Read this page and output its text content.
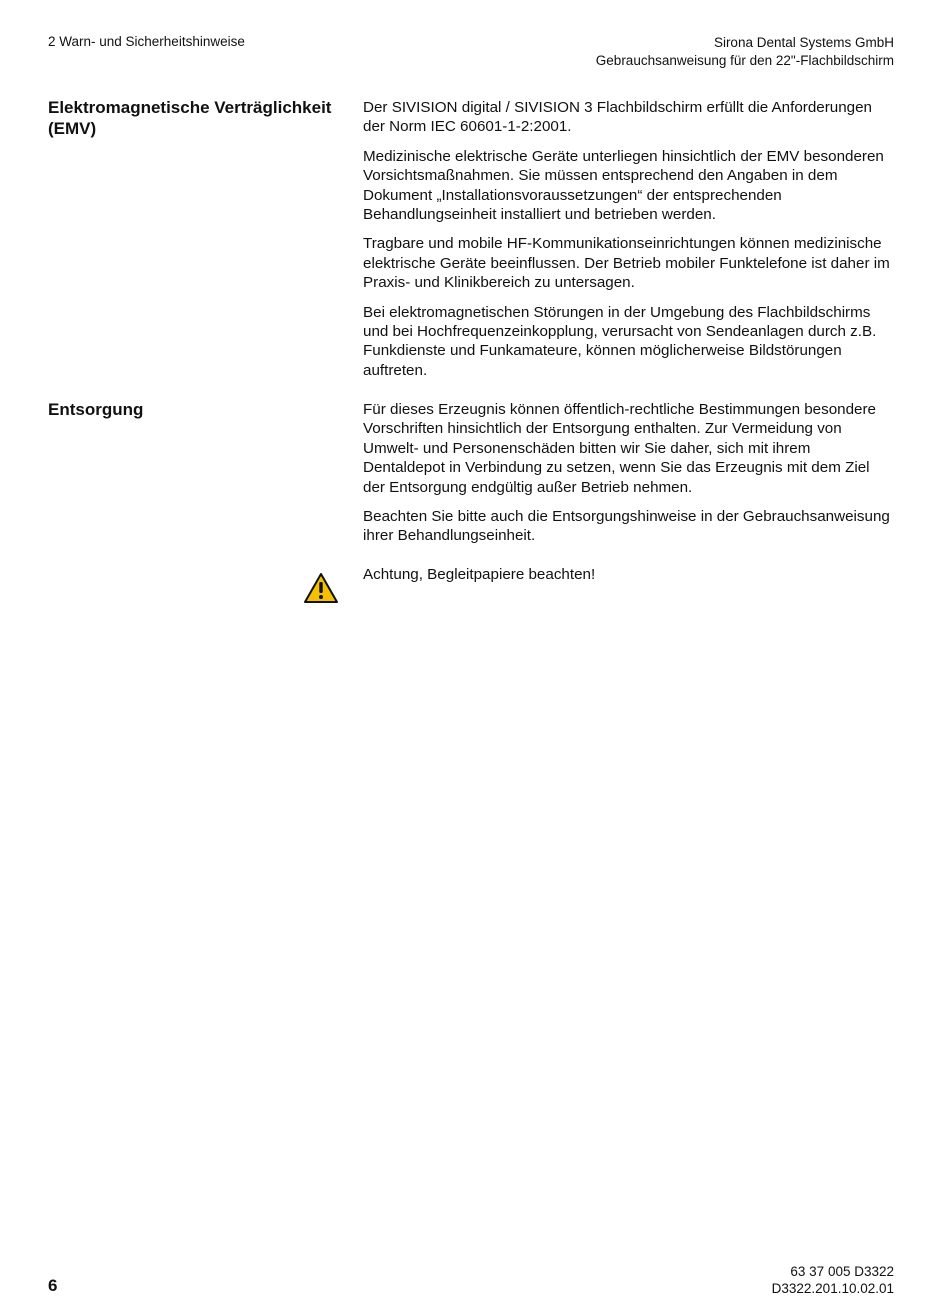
2 Warn- und Sicherheitshinweise	Sirona Dental Systems GmbH
Gebrauchsanweisung für den 22"-Flachbildschirm
Elektromagnetische Verträglichkeit (EMV)

Der SIVISION digital / SIVISION 3 Flachbildschirm erfüllt die Anforderungen der Norm IEC 60601-1-2:2001.

Medizinische elektrische Geräte unterliegen hinsichtlich der EMV besonderen Vorsichtsmaßnahmen. Sie müssen entsprechend den Angaben in dem Dokument „Installationsvoraussetzungen“ der entsprechenden Behandlungseinheit installiert und betrieben werden.

Tragbare und mobile HF-Kommunikationseinrichtungen können medizinische elektrische Geräte beeinflussen. Der Betrieb mobiler Funktelefone ist daher im Praxis- und Klinikbereich zu untersagen.

Bei elektromagnetischen Störungen in der Umgebung des Flachbildschirms und bei Hochfrequenzeinkopplung, verursacht von Sendeanlagen durch z.B. Funkdienste und Funkamateure, können möglicherweise Bildstörungen auftreten.

Entsorgung	Für dieses Erzeugnis können öffentlich-rechtliche Bestimmungen besondere Vorschriften hinsichtlich der Entsorgung enthalten. Zur Vermeidung von Umwelt- und Personenschäden bitten wir Sie daher, sich mit ihrem Dentaldepot in Verbindung zu setzen, wenn Sie das Erzeugnis mit dem Ziel der Entsorgung endgültig außer Betrieb nehmen.

Beachten Sie bitte auch die Entsorgungshinweise in der Gebrauchsanweisung ihrer Behandlungseinheit.

Achtung, Begleitpapiere beachten!
6
63 37 005 D3322
D3322.201.10.02.01
